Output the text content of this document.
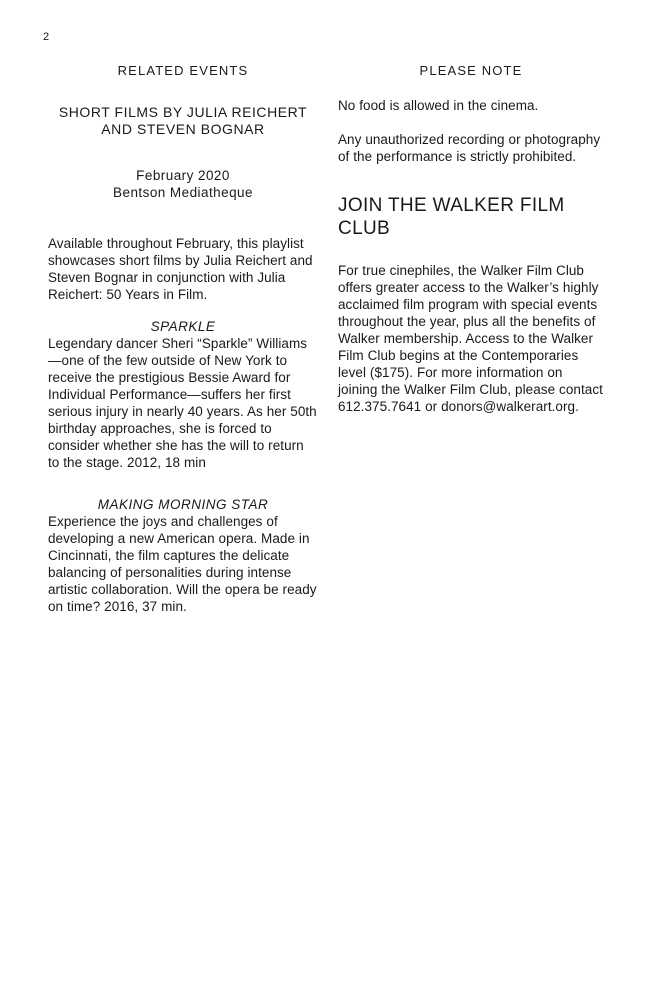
2
RELATED EVENTS
SHORT FILMS BY JULIA REICHERT
AND STEVEN BOGNAR
February 2020
Bentson Mediatheque
Available throughout February, this playlist showcases short films by Julia Reichert and Steven Bognar in conjunction with Julia Reichert: 50 Years in Film.
SPARKLE
Legendary dancer Sheri “Sparkle” Williams—one of the few outside of New York to receive the prestigious Bessie Award for Individual Performance—suffers her first serious injury in nearly 40 years. As her 50th birthday approaches, she is forced to consider whether she has the will to return to the stage. 2012, 18 min
MAKING MORNING STAR
Experience the joys and challenges of developing a new American opera. Made in Cincinnati, the film captures the delicate balancing of personalities during intense artistic collaboration. Will the opera be ready on time? 2016, 37 min.
PLEASE NOTE
No food is allowed in the cinema.
Any unauthorized recording or photography of the performance is strictly prohibited.
JOIN THE WALKER FILM CLUB
For true cinephiles, the Walker Film Club offers greater access to the Walker’s highly acclaimed film program with special events throughout the year, plus all the benefits of Walker membership. Access to the Walker Film Club begins at the Contemporaries level ($175). For more information on joining the Walker Film Club, please contact 612.375.7641 or donors@walkerart.org.
